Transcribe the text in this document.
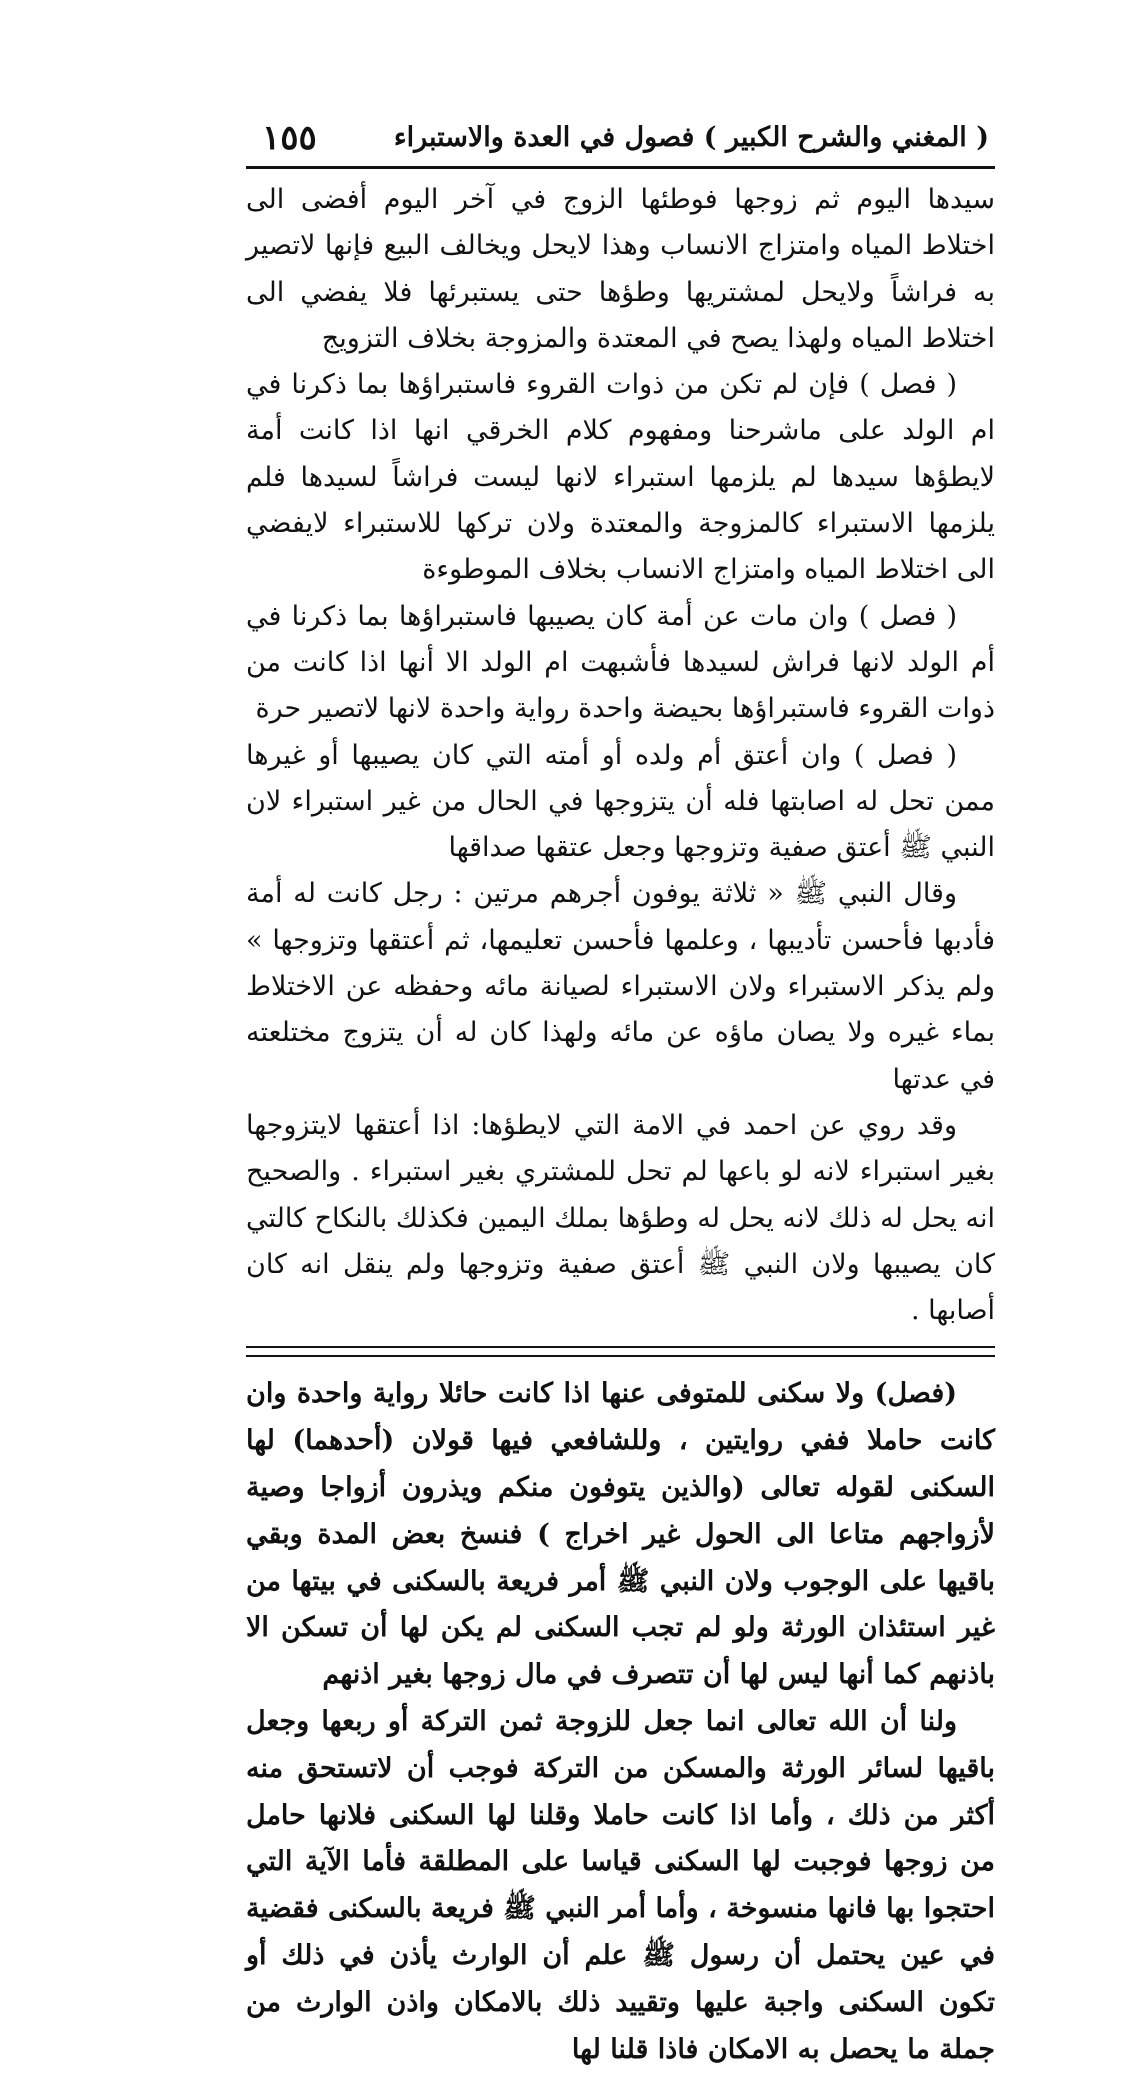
( المغني والشرح الكبير ) فصول في العدة والاستبراء
١٥٥

سيدها اليوم ثم زوجها فوطئها الزوج في آخر اليوم أفضى الى اختلاط المياه وامتزاج الانساب وهذا لايحل ويخالف البيع فإنها لاتصير به فراشاً ولايحل لمشتريها وطؤها حتى يستبرئها فلا يفضي الى اختلاط المياه ولهذا يصح في المعتدة والمزوجة بخلاف التزويج

( فصل ) فإن لم تكن من ذوات القروء فاستبراؤها بما ذكرنا في ام الولد على ماشرحنا ومفهوم كلام الخرقي انها اذا كانت أمة لايطؤها سيدها لم يلزمها استبراء لانها ليست فراشاً لسيدها فلم يلزمها الاستبراء كالمزوجة والمعتدة ولان تركها للاستبراء لايفضي الى اختلاط المياه وامتزاج الانساب بخلاف الموطوءة

( فصل ) وان مات عن أمة كان يصيبها فاستبراؤها بما ذكرنا في أم الولد لانها فراش لسيدها فأشبهت ام الولد الا أنها اذا كانت من ذوات القروء فاستبراؤها بحيضة واحدة رواية واحدة لانها لاتصير حرة

( فصل ) وان أعتق أم ولده أو أمته التي كان يصيبها أو غيرها ممن تحل له اصابتها فله أن يتزوجها في الحال من غير استبراء لان النبي ﷺ أعتق صفية وتزوجها وجعل عتقها صداقها

وقال النبي ﷺ « ثلاثة يوفون أجرهم مرتين : رجل كانت له أمة فأدبها فأحسن تأديبها ، وعلمها فأحسن تعليمها، ثم أعتقها وتزوجها » ولم يذكر الاستبراء ولان الاستبراء لصيانة مائه وحفظه عن الاختلاط بماء غيره ولا يصان ماؤه عن مائه ولهذا كان له أن يتزوج مختلعته في عدتها

وقد روي عن احمد في الامة التي لايطؤها: اذا أعتقها لايتزوجها بغير استبراء لانه لو باعها لم تحل للمشتري بغير استبراء . والصحيح انه يحل له ذلك لانه يحل له وطؤها بملك اليمين فكذلك بالنكاح كالتي كان يصيبها ولان النبي ﷺ أعتق صفية وتزوجها ولم ينقل انه كان أصابها .

(فصل) ولا سكنى للمتوفى عنها اذا كانت حائلا رواية واحدة وان كانت حاملا ففي روايتين ، وللشافعي فيها قولان (أحدهما) لها السكنى لقوله تعالى (والذين يتوفون منكم ويذرون أزواجا وصية لأزواجهم متاعا الى الحول غير اخراج ) فنسخ بعض المدة وبقي باقيها على الوجوب ولان النبي ﷺ أمر فريعة بالسكنى في بيتها من غير استئذان الورثة ولو لم تجب السكنى لم يكن لها أن تسكن الا باذنهم كما أنها ليس لها أن تتصرف في مال زوجها بغير اذنهم

ولنا أن الله تعالى انما جعل للزوجة ثمن التركة أو ربعها وجعل باقيها لسائر الورثة والمسكن من التركة فوجب أن لاتستحق منه أكثر من ذلك ، وأما اذا كانت حاملا وقلنا لها السكنى فلانها حامل من زوجها فوجبت لها السكنى قياسا على المطلقة فأما الآية التي احتجوا بها فانها منسوخة ، وأما أمر النبي ﷺ فريعة بالسكنى فقضية في عين يحتمل أن رسول ﷺ علم أن الوارث يأذن في ذلك أو تكون السكنى واجبة عليها وتقييد ذلك بالامكان واذن الوارث من جملة ما يحصل به الامكان فاذا قلنا لها
